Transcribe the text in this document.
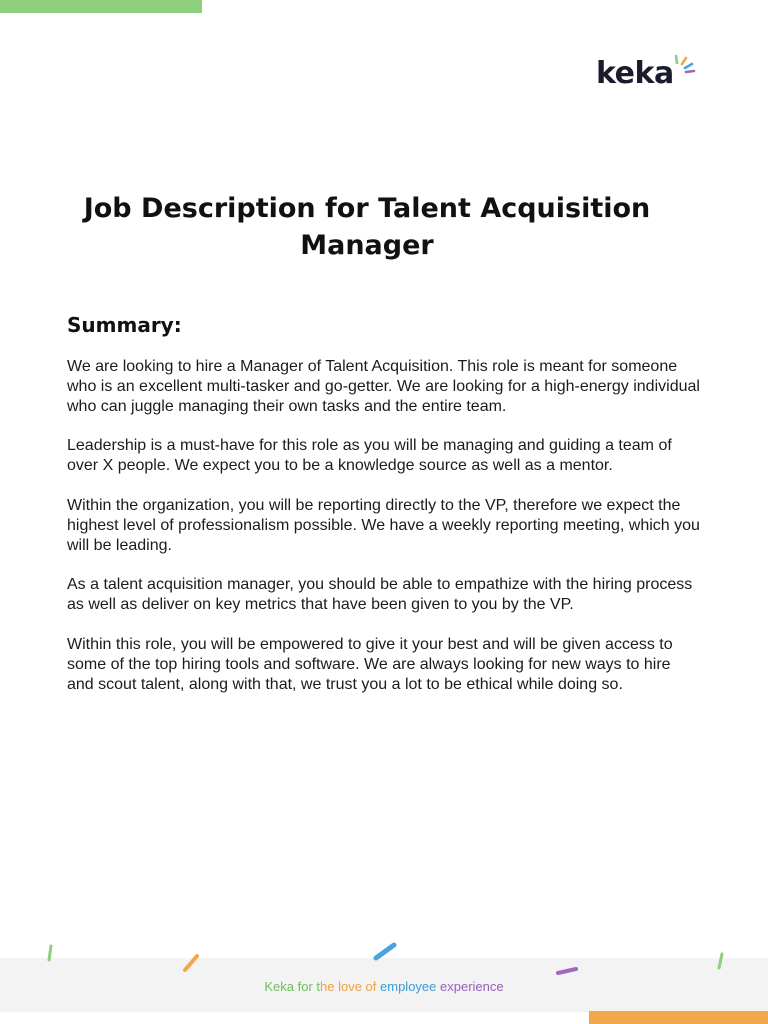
keka
Job Description for Talent Acquisition Manager
Summary:

We are looking to hire a Manager of Talent Acquisition. This role is meant for someone who is an excellent multi-tasker and go-getter. We are looking for a high-energy individual who can juggle managing their own tasks and the entire team.

Leadership is a must-have for this role as you will be managing and guiding a team of over X people. We expect you to be a knowledge source as well as a mentor.

Within the organization, you will be reporting directly to the VP, therefore we expect the highest level of professionalism possible. We have a weekly reporting meeting, which you will be leading.

As a talent acquisition manager, you should be able to empathize with the hiring process as well as deliver on key metrics that have been given to you by the VP.

Within this role, you will be empowered to give it your best and will be given access to some of the top hiring tools and software. We are always looking for new ways to hire and scout talent, along with that, we trust you a lot to be ethical while doing so.

Keka for the love of employee experience
